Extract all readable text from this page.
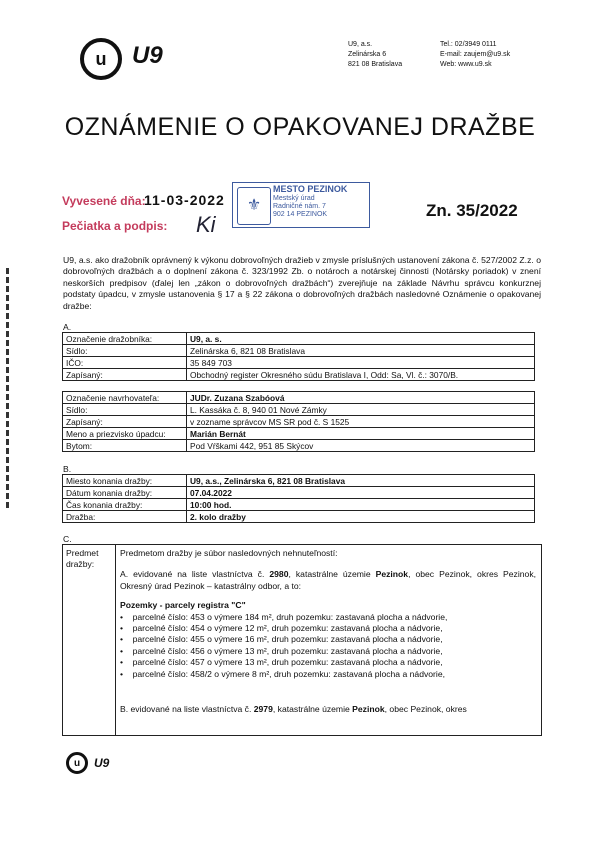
u	U9	U9, a.s.
Zelinárska 6
821 08 Bratislava
Tel.: 02/3949 0111
E-mail: zaujem@u9.sk
Web: www.u9.sk
OZNÁMENIE O OPAKOVANEJ DRAŽBE
Vyvesené dňa:
11-03-2022
Pečiatka a podpis: Ki
⚜
MESTO PEZINOK
Mestský úrad
Radničné nám. 7
902 14 PEZINOK	Zn. 35/2022
U9, a.s. ako dražobník oprávnený k výkonu dobrovoľných dražieb v zmysle príslušných ustanovení zákona č. 527/2002 Z.z. o dobrovoľných dražbách a o doplnení zákona č. 323/1992 Zb. o notároch a notárskej činnosti (Notársky poriadok) v znení neskorších predpisov (ďalej len „zákon o dobrovoľných dražbách“) zverejňuje na základe Návrhu správcu konkurznej podstaty úpadcu, v zmysle ustanovenia § 17 a § 22 zákona o dobrovoľných dražbách nasledovné Oznámenie o opakovanej dražbe:
A.
Označenie dražobníka:	U9, a. s.
Sídlo:	Zelinárska 6, 821 08 Bratislava
IČO:	35 849 703
Zapísaný:	Obchodný register Okresného súdu Bratislava I, Odd: Sa, Vl. č.: 3070/B.
Označenie navrhovateľa:	JUDr. Zuzana Szabóová
Sídlo:	L. Kassáka č. 8, 940 01 Nové Zámky
Zapísaný:	v zozname správcov MS SR pod č. S 1525
Meno a priezvisko úpadcu:	Marián Bernát
Bytom:	Pod Vŕškami 442, 951 85 Skýcov
B.
Miesto konania dražby:	U9, a.s., Zelinárska 6, 821 08 Bratislava
Dátum konania dražby:	07.04.2022
Čas konania dražby:	10:00 hod.
Dražba:	2. kolo dražby
C.
Predmet
dražby:
Predmetom dražby je súbor nasledovných nehnuteľností:
A. evidované na liste vlastníctva č. 2980, katastrálne územie Pezinok, obec Pezinok, okres Pezinok, Okresný úrad Pezinok – katastrálny odbor, a to:
Pozemky - parcely registra "C"
• parcelné číslo: 453 o výmere 184 m², druh pozemku: zastavaná plocha a nádvorie,
• parcelné číslo: 454 o výmere 12 m², druh pozemku: zastavaná plocha a nádvorie,
• parcelné číslo: 455 o výmere 16 m², druh pozemku: zastavaná plocha a nádvorie,
• parcelné číslo: 456 o výmere 13 m², druh pozemku: zastavaná plocha a nádvorie,
• parcelné číslo: 457 o výmere 13 m², druh pozemku: zastavaná plocha a nádvorie,
• parcelné číslo: 458/2 o výmere 8 m², druh pozemku: zastavaná plocha a nádvorie,
B. evidované na liste vlastníctva č. 2979, katastrálne územie Pezinok, obec Pezinok, okres
u	U9
